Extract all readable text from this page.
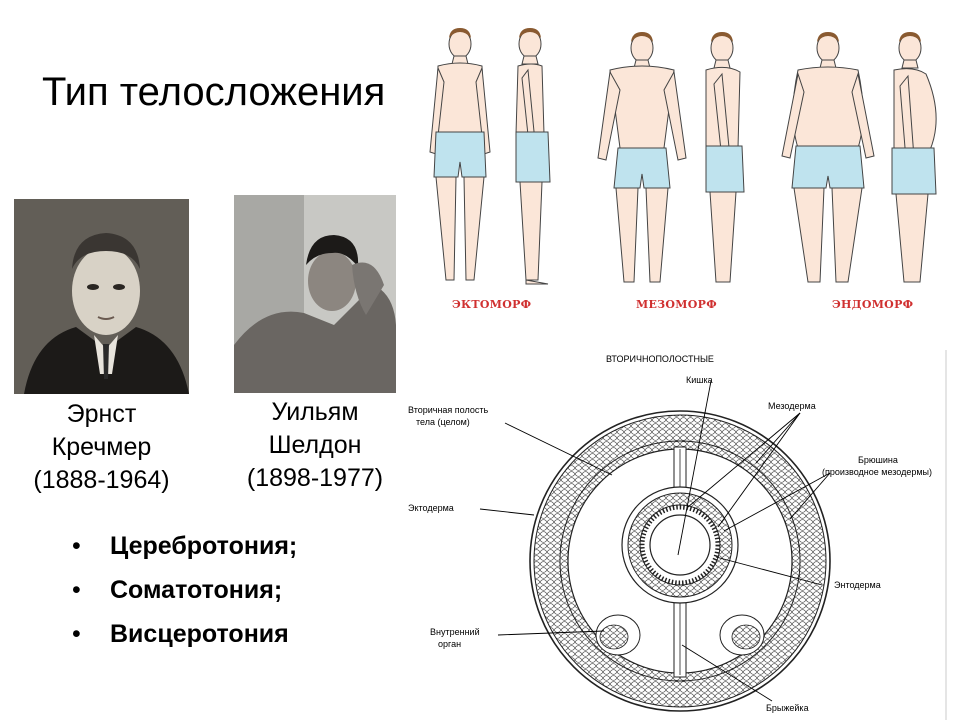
Тип телосложения
Эрнст
Кречмер
(1888-1964)
Уильям
Шелдон
(1898-1977)
• Церебротония;
• Соматотония;
• Висцеротония
ЭКТОМОРФ	МЕЗОМОРФ	ЭНДОМОРФ
ВТОРИЧНОПОЛОСТНЫЕ
Кишка
Мезодерма
Вторичная полость
тела (целом)
Брюшина
(производное мезодермы)
Эктодерма
Энтодерма
Внутренний
орган
Брыжейка
